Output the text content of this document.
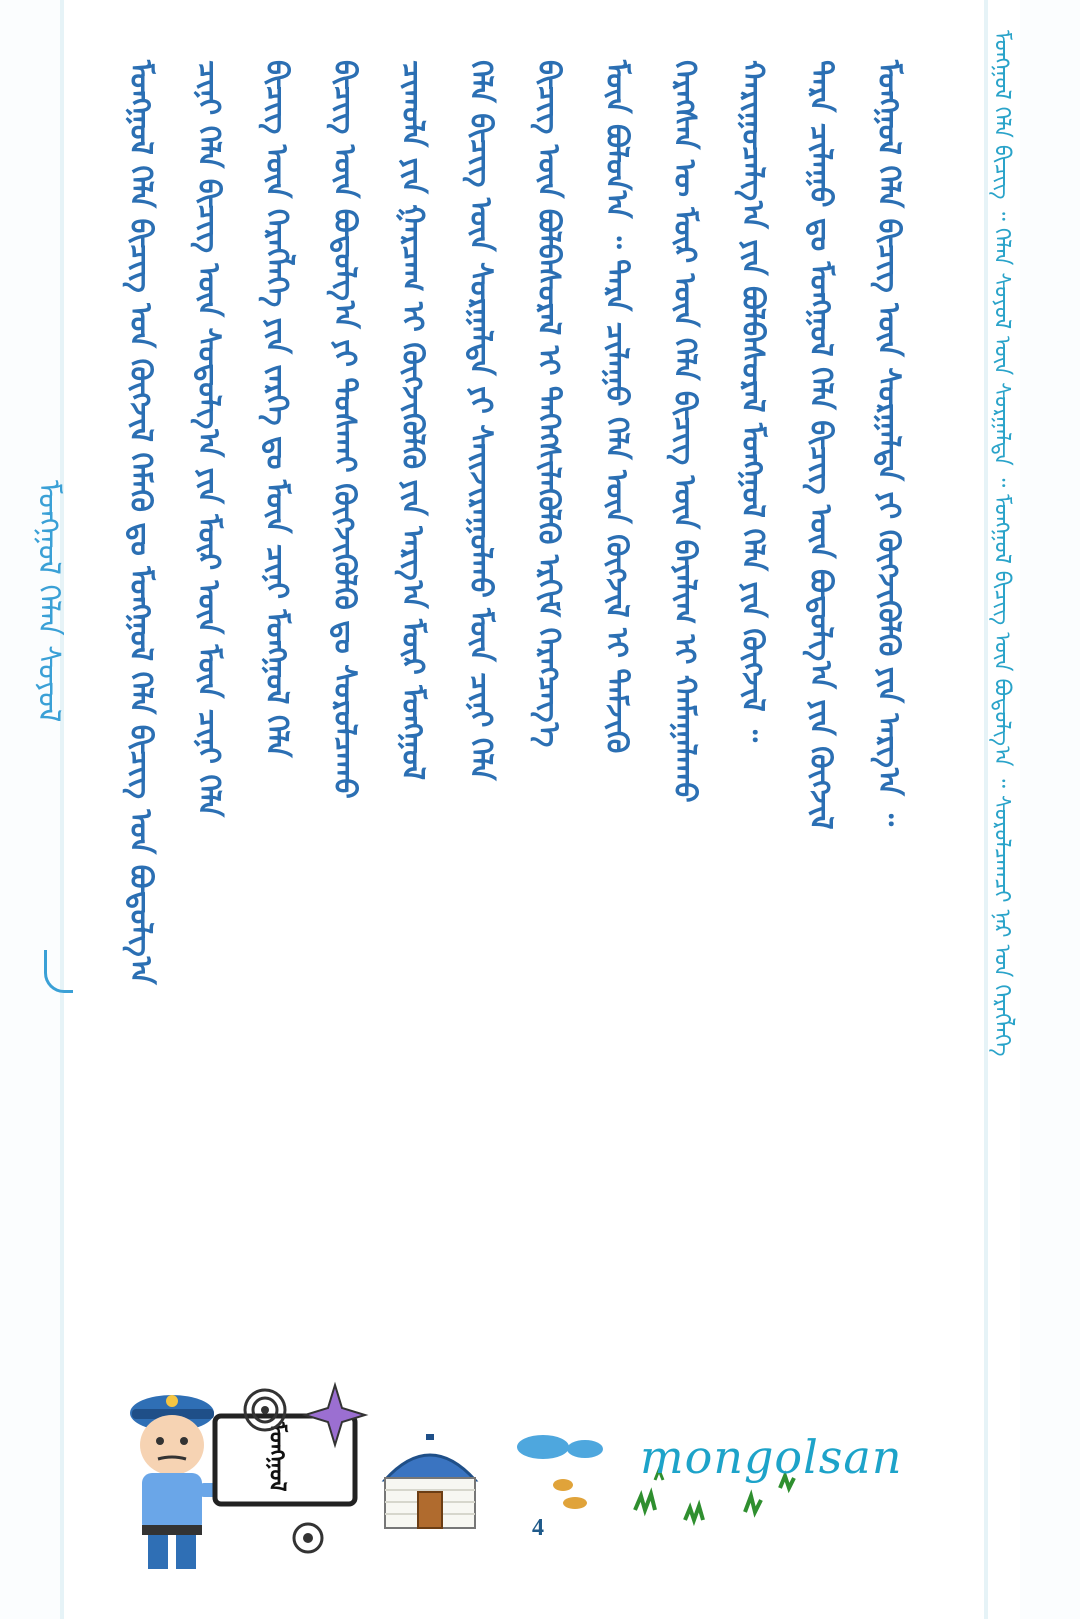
ᠮᠣᠩᠭᠣᠯ ᠬᠡᠯᠡᠨ ᠰᠣᠶᠣᠯ	ᠮᠣᠩᠭᠣᠯ ᠬᠡᠯᠡ ᠪᠢᠴᠢᠭ ᠤᠨ ᠬᠥᠭᠵᠢᠯ ᠬᠡᠮᠡᠬᠦ ᠳᠤ ᠮᠣᠩᠭᠣᠯ ᠬᠡᠯᠡ ᠪᠢᠴᠢᠭ ᠤᠨ ᠪᠣᠳᠣᠯᠭ᠎ᠠ ᠴᠢᠨᠢ ᠬᠡᠯᠡ ᠪᠢᠴᠢᠭ ᠦᠨ ᠰᠤᠳᠤᠯᠭ᠎ᠠ ᠶᠢᠨ ᠮᠥᠷ ᠦᠨ ᠮᠥᠨ ᠴᠢᠨᠢ ᠬᠡᠯᠡ ᠪᠢᠴᠢᠭ ᠦᠨ ᠬᠡᠷᠡᠭᠯᠡᠭᠡ ᠶᠢᠨ ᠵᠡᠷᠭᠡ ᠳᠤ ᠮᠥᠨ ᠴᠢᠨᠢ ᠮᠣᠩᠭᠣᠯ ᠬᠡᠯᠡ ᠪᠢᠴᠢᠭ ᠦᠨ ᠪᠣᠳᠣᠯᠭ᠎ᠠ ᠶᠢ ᠲᠤᠰᠬᠠᠢ ᠬᠥᠭᠵᠢᠭᠦᠯᠬᠦ ᠳᠤ ᠰᠤᠷᠤᠯᠴᠠᠬᠤ ᠴᠢᠬᠤᠯᠠ ᠶᠢᠨ ᠭᠠᠷᠴᠠᠭ ᠢ ᠬᠥᠭᠵᠢᠭᠦᠯᠬᠦ ᠶᠢᠨ ᠠᠷᠭ᠎ᠠ ᠮᠥᠷ ᠮᠣᠩᠭᠣᠯ ᠬᠡᠯᠡ ᠪᠢᠴᠢᠭ ᠦᠨ ᠰᠤᠷᠭᠠᠯᠲᠠ ᠶᠢ ᠰᠠᠢᠵᠢᠷᠠᠭᠤᠯᠬᠤ ᠮᠥᠨ ᠴᠢᠨᠢ ᠬᠡᠯᠡ ᠪᠢᠴᠢᠭ ᠦᠨ ᠪᠣᠯᠪᠠᠰᠤᠷᠠᠯ ᠢ ᠳᠡᠭᠡᠭᠰᠢᠯᠡᠭᠦᠯᠬᠦ ᠡᠷᠬᠢᠮ ᠬᠡᠷᠡᠭᠴᠡᠭ᠎ᠡ ᠮᠥᠨ ᠪᠣᠯᠣᠨ᠎ᠠ ᠃ ᠲᠡᠷᠡ ᠴᠢᠯᠠᠭᠤ ᠬᠡᠯᠡ ᠦᠨ ᠬᠥᠭᠵᠢᠯ ᠢ ᠳᠡᠮᠵᠢᠬᠦ ᠬᠡᠷᠡᠭᠰᠡᠨ ᠦ ᠮᠥᠷ ᠦᠨ ᠬᠡᠯᠡ ᠪᠢᠴᠢᠭ ᠦᠨ ᠪᠠᠶᠠᠯᠢᠭ ᠢ ᠬᠠᠮᠠᠭᠠᠯᠠᠬᠤ ᠬᠠᠷᠢᠭᠤᠴᠠᠯᠭ᠎ᠠ ᠶᠢᠨ ᠪᠣᠯᠪᠠᠰᠤᠷᠠᠯ ᠮᠣᠩᠭᠣᠯ ᠬᠡᠯᠡ ᠶᠢᠨ ᠬᠥᠭᠵᠢᠯ ᠃ ᠲᠡᠷᠡ ᠴᠢᠯᠠᠭᠤ ᠳᠤ ᠮᠣᠩᠭᠣᠯ ᠬᠡᠯᠡ ᠪᠢᠴᠢᠭ ᠦᠨ ᠪᠣᠳᠣᠯᠭ᠎ᠠ ᠶᠢᠨ ᠬᠥᠭᠵᠢᠯ ᠮᠣᠩᠭᠣᠯ ᠬᠡᠯᠡ ᠪᠢᠴᠢᠭ ᠦᠨ ᠰᠤᠷᠭᠠᠯᠲᠠ ᠶᠢ ᠬᠥᠭᠵᠢᠭᠦᠯᠬᠦ ᠶᠢᠨ ᠠᠷᠭ᠎ᠠ ᠃	ᠮᠣᠩᠭᠣᠯ ᠬᠡᠯᠡ ᠪᠢᠴᠢᠭ ᠃ ᠬᠡᠯᠡᠨ ᠰᠣᠶᠣᠯ ᠦᠨ ᠰᠤᠷᠭᠠᠯᠲᠠ ᠃ ᠮᠣᠩᠭᠣᠯ ᠪᠢᠴᠢᠭ ᠦᠨ ᠪᠣᠳᠣᠯᠭ᠎ᠠ ᠃ ᠰᠤᠷᠤᠯᠴᠠᠭᠴᠢ ᠨᠠᠷ ᠤᠨ ᠬᠡᠷᠡᠭᠯᠡᠭᠡ
ᠮᠣᠩᠭᠣᠯ
4
mongolsan
